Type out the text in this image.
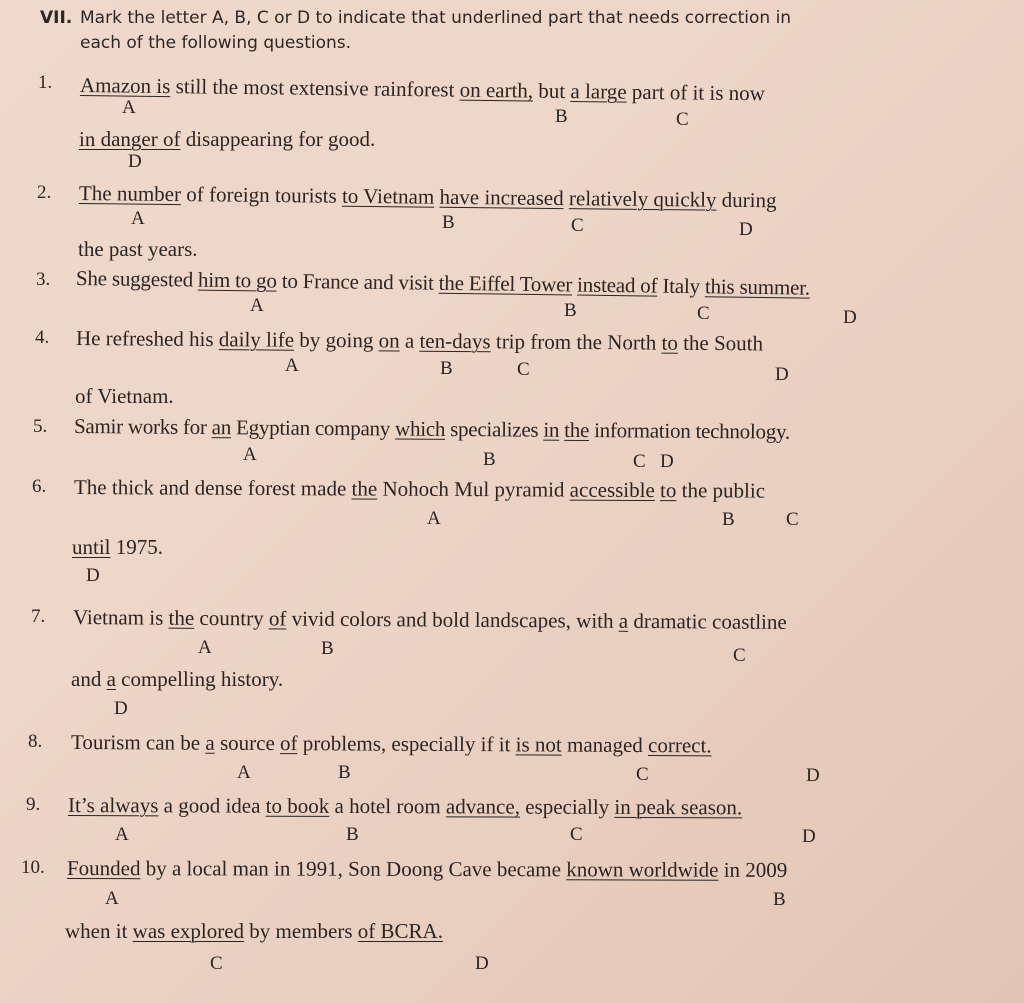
VII. Mark the letter A, B, C or D to indicate that underlined part that needs correction in
each of the following questions.
1. Amazon is still the most extensive rainforest on earth, but a large part of it is now
A	B	C
in danger of disappearing for good.
D
2. The number of foreign tourists to Vietnam have increased relatively quickly during
A	B	C	D
the past years.
3. She suggested him to go to France and visit the Eiffel Tower instead of Italy this summer.
A	B	C	D
4. He refreshed his daily life by going on a ten-days trip from the North to the South
A	B	C	D
of Vietnam.
5. Samir works for an Egyptian company which specializes in the information technology.
A	B	C D
6. The thick and dense forest made the Nohoch Mul pyramid accessible to the public
A	B	C
until 1975.
D
7. Vietnam is the country of vivid colors and bold landscapes, with a dramatic coastline
A	B	C
and a compelling history.
D
8. Tourism can be a source of problems, especially if it is not managed correct.
A	B	C	D
9. It’s always a good idea to book a hotel room advance, especially in peak season.
A	B	C	D
10. Founded by a local man in 1991, Son Doong Cave became known worldwide in 2009
A	B
when it was explored by members of BCRA.
C	D
